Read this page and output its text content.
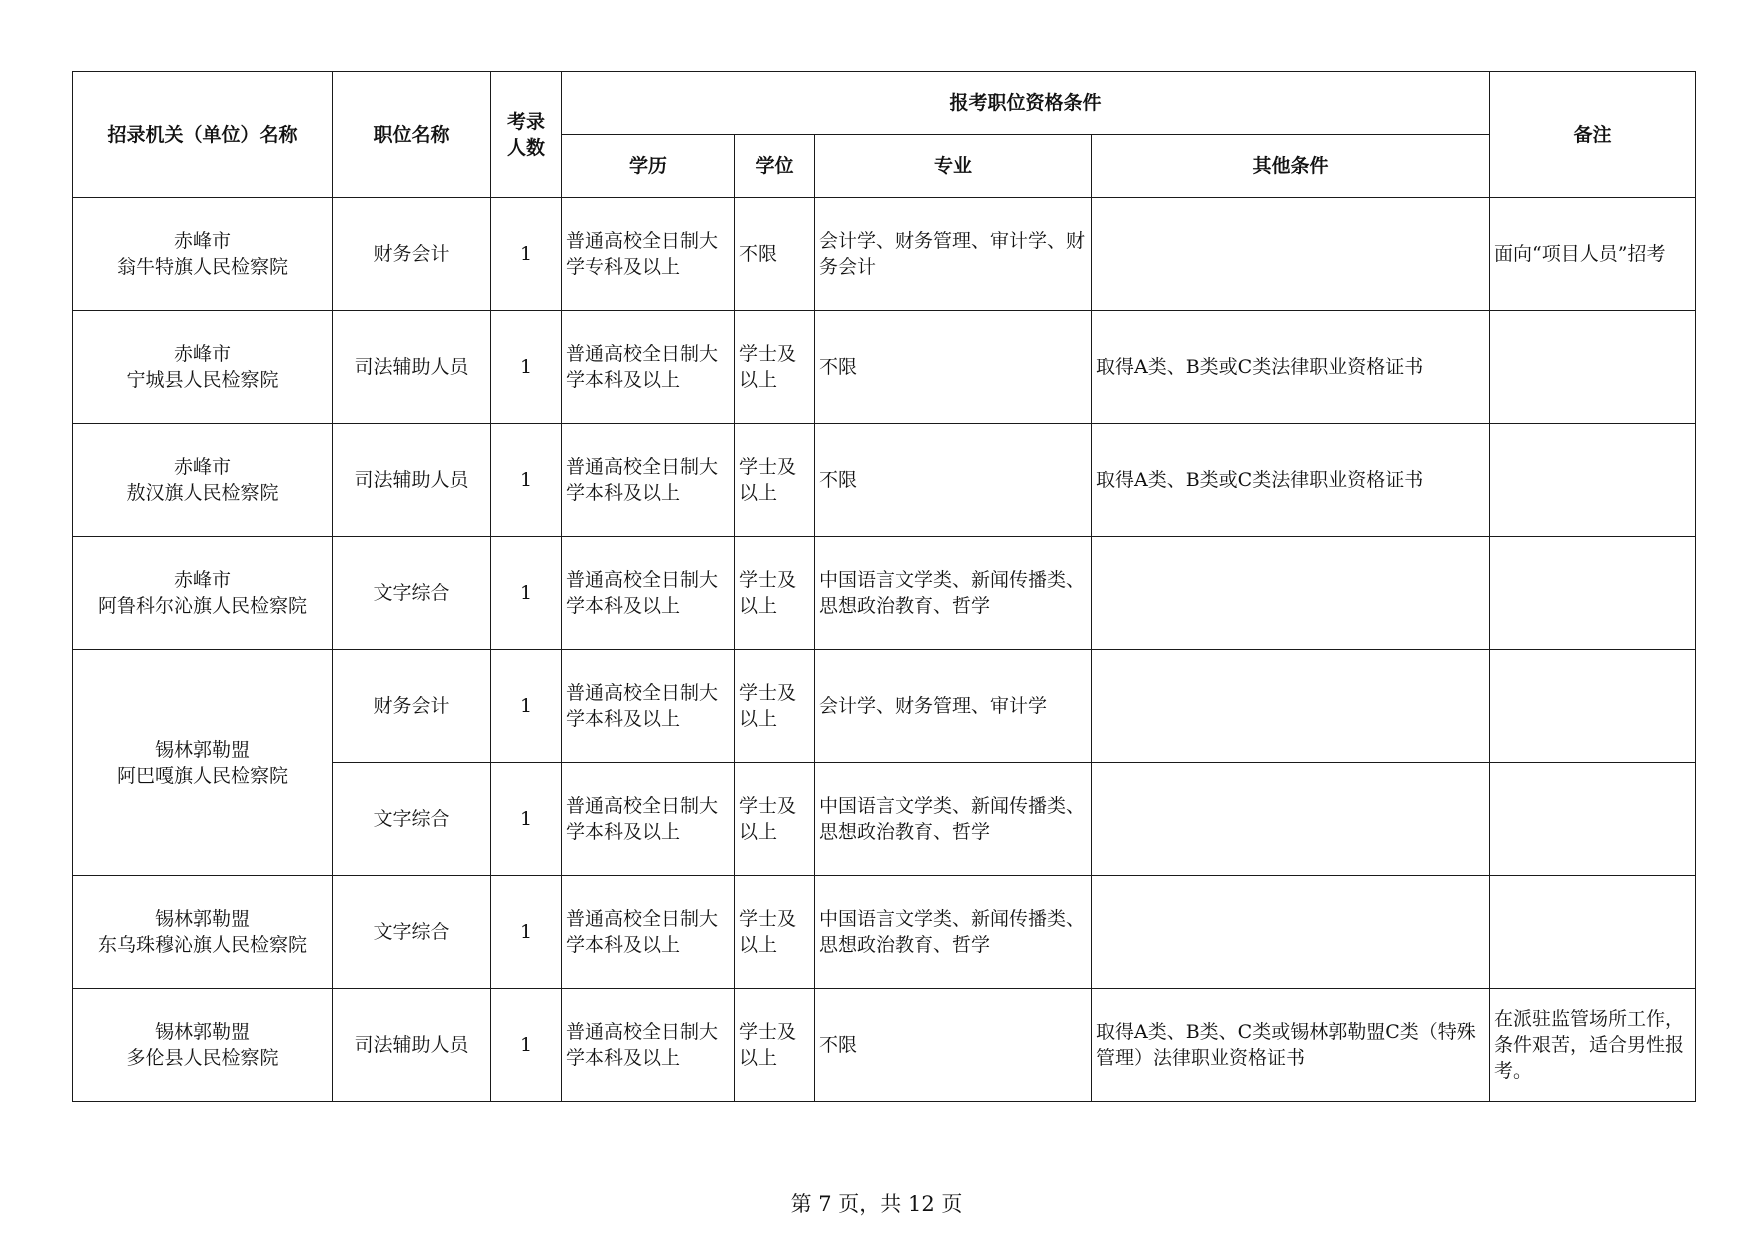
招录机关（单位）名称	职位名称	考录
人数	报考职位资格条件				备注
			学历	学位	专业	其他条件	
赤峰市
翁牛特旗人民检察院	财务会计	1	普通高校全日制大学专科及以上	不限	会计学、财务管理、审计学、财务会计		面向“项目人员”招考
赤峰市
宁城县人民检察院	司法辅助人员	1	普通高校全日制大学本科及以上	学士及以上	不限	取得A类、B类或C类法律职业资格证书	
赤峰市
敖汉旗人民检察院	司法辅助人员	1	普通高校全日制大学本科及以上	学士及以上	不限	取得A类、B类或C类法律职业资格证书	
赤峰市
阿鲁科尔沁旗人民检察院	文字综合	1	普通高校全日制大学本科及以上	学士及以上	中国语言文学类、新闻传播类、思想政治教育、哲学		
锡林郭勒盟
阿巴嘎旗人民检察院	财务会计	1	普通高校全日制大学本科及以上	学士及以上	会计学、财务管理、审计学		
	文字综合	1	普通高校全日制大学本科及以上	学士及以上	中国语言文学类、新闻传播类、思想政治教育、哲学		
锡林郭勒盟
东乌珠穆沁旗人民检察院	文字综合	1	普通高校全日制大学本科及以上	学士及以上	中国语言文学类、新闻传播类、思想政治教育、哲学		
锡林郭勒盟
多伦县人民检察院	司法辅助人员	1	普通高校全日制大学本科及以上	学士及以上	不限	取得A类、B类、C类或锡林郭勒盟C类（特殊管理）法律职业资格证书	在派驻监管场所工作，条件艰苦，适合男性报考。
第 7 页，共 12 页
